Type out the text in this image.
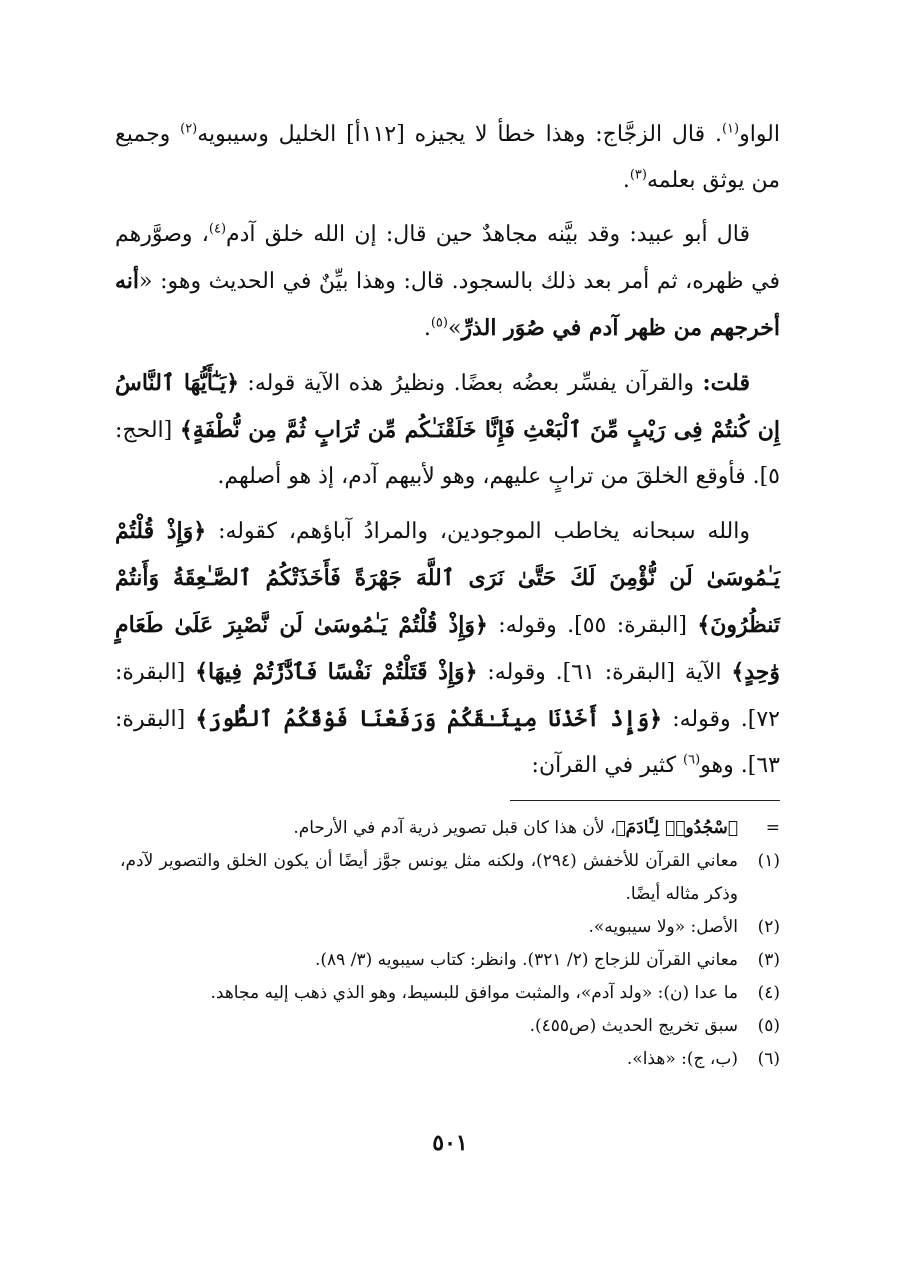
الواو$^{(١)}$. قال الزجَّاج: وهذا خطأ لا يجيزه [١١٢أ] الخليل وسيبويه$^{(٢)}$ وجميع من يوثق بعلمه$^{(٣)}$.

قال أبو عبيد: وقد بيَّنه مجاهدٌ حين قال: إن الله خلق آدم$^{(٤)}$، وصوَّرهم في ظهره، ثم أمر بعد ذلك بالسجود. قال: وهذا بيِّنٌ في الحديث وهو: «أنه أخرجهم من ظهر آدم في صُوَر الذرِّ»$^{(٥)}$.

قلت: والقرآن يفسِّر بعضُه بعضًا. ونظيرُ هذه الآية قوله: ﴿يَـٰٓأَيُّهَا ٱلنَّاسُ إِن كُنتُمْ فِى رَيْبٍ مِّنَ ٱلْبَعْثِ فَإِنَّا خَلَقْنَـٰكُم مِّن تُرَابٍ ثُمَّ مِن نُّطْفَةٍ﴾ [الحج: ٥]. فأوقع الخلقَ من ترابٍ عليهم، وهو لأبيهم آدم، إذ هو أصلهم.

والله سبحانه يخاطب الموجودين، والمرادُ آباؤهم، كقوله: ﴿وَإِذْ قُلْتُمْ يَـٰمُوسَىٰ لَن نُّؤْمِنَ لَكَ حَتَّىٰ نَرَى ٱللَّهَ جَهْرَةً فَأَخَذَتْكُمُ ٱلصَّـٰعِقَةُ وَأَنتُمْ تَنظُرُونَ﴾ [البقرة: ٥٥]. وقوله: ﴿وَإِذْ قُلْتُمْ يَـٰمُوسَىٰ لَن نَّصْبِرَ عَلَىٰ طَعَامٍ وَٰحِدٍ﴾ الآية [البقرة: ٦١]. وقوله: ﴿وَإِذْ قَتَلْتُمْ نَفْسًا فَٱدَّٰرَٰٔتُمْ فِيهَا﴾ [البقرة: ٧٢]. وقوله: ﴿وَإِذْ أَخَذْنَا مِيثَـٰقَكُمْ وَرَفَعْنَا فَوْقَكُمُ ٱلطُّورَ﴾ [البقرة: ٦٣]. وهو$^{(٦)}$ كثير في القرآن:

=
ٱسْجُدُوا۟ لِـَٔادَمَ﴾، لأن هذا كان قبل تصوير ذرية آدم في الأرحام.
(١)
معاني القرآن للأخفش (٢٩٤)، ولكنه مثل يونس جوَّز أيضًا أن يكون الخلق والتصوير لآدم، وذكر مثاله أيضًا.
(٢)
الأصل: «ولا سيبويه».
(٣)
معاني القرآن للزجاج (٢/ ٣٢١). وانظر: كتاب سيبويه (٣/ ٨٩).
(٤)
ما عدا (ن): «ولد آدم»، والمثبت موافق للبسيط، وهو الذي ذهب إليه مجاهد.
(٥)
سبق تخريج الحديث (ص٤٥٥).
(٦)
(ب، ج): «هذا».
٥٠١
